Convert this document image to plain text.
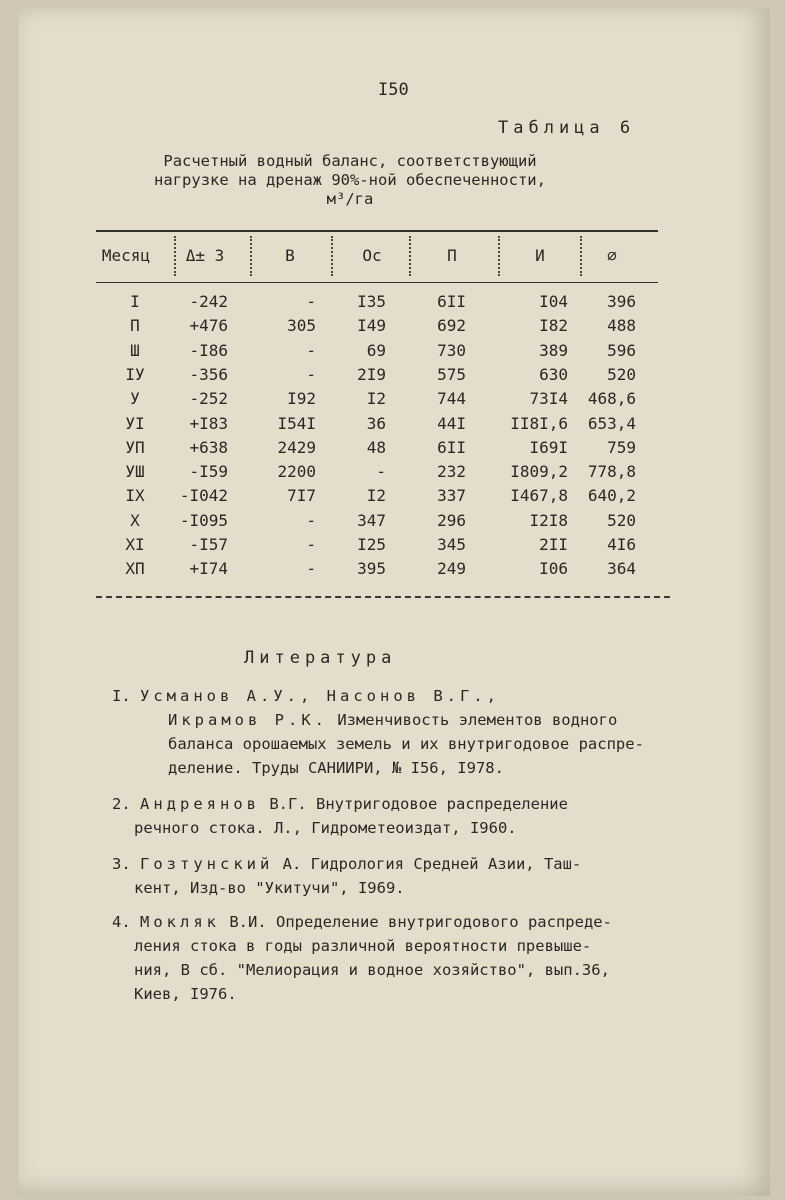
I50
Таблица 6
Расчетный водный баланс, соответствующий
нагрузке на дренаж 90%-ной обеспеченности,
м³/га
Месяц	Δ± 3	В	Oc	П	И	∅
I	-242	-	I35	6II	I04	396
П	+476	305	I49	692	I82	488
Ш	-I86	-	69	730	389	596
IУ	-356	-	2I9	575	630	520
У	-252	I92	I2	744	73I4	468,6
УI	+I83	I54I	36	44I	II8I,6	653,4
УП	+638	2429	48	6II	I69I	759
УШ	-I59	2200	-	232	I809,2	778,8
IX	-I042	7I7	I2	337	I467,8	640,2
X	-I095	-	347	296	I2I8	520
XI	-I57	-	I25	345	2II	4I6
XП	+I74	-	395	249	I06	364
Литература
I. Усманов А.У., Насонов В.Г.,
Икрамов Р.К. Изменчивость элементов водного
баланса орошаемых земель и их внутригодовое распре-
деление. Труды САНИИРИ, № I56, I978.
2. Андреянов В.Г. Внутригодовое распределение
речного стока. Л., Гидрометеоиздат, I960.
3. Гозтунский А. Гидрология Средней Азии, Таш-
кент, Изд-во "Укитучи", I969.
4. Мокляк В.И. Определение внутригодового распреде-
ления стока в годы различной вероятности превыше-
ния, В сб. "Мелиорация и водное хозяйство", вып.36,
Киев, I976.
